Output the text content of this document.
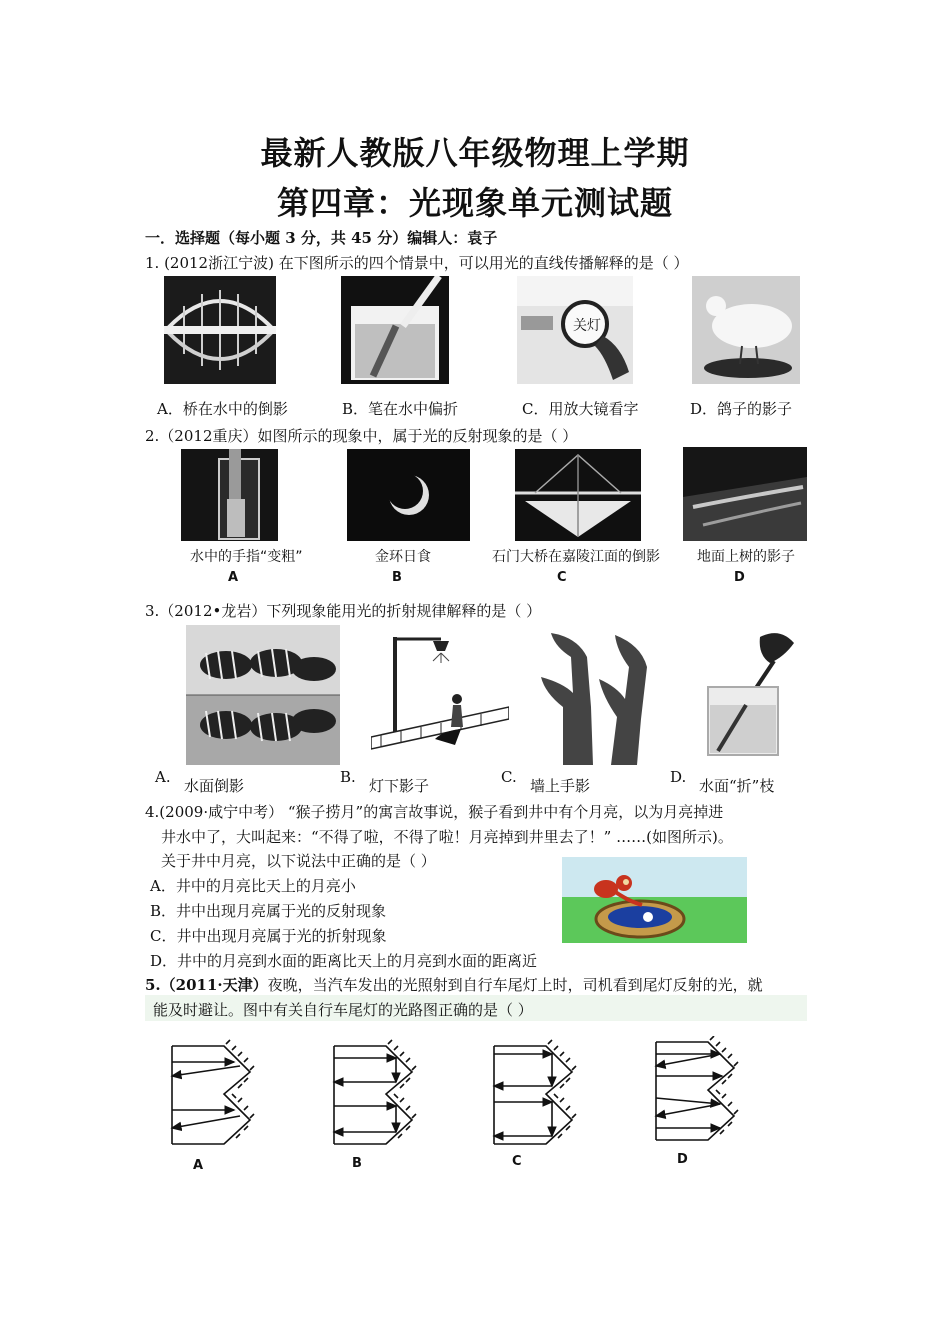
最新人教版八年级物理上学期
第四章：光现象单元测试题
一．选择题（每小题 3 分，共 45 分）编辑人：袁子
1. (2012浙江宁波) 在下图所示的四个情景中，可以用光的直线传播解释的是（ ）
关灯
A．桥在水中的倒影	B．笔在水中偏折	C．用放大镜看字	D．鸽子的影子
2.（2012重庆）如图所示的现象中，属于光的反射现象的是（ ）
水中的手指“变粗”	金环日食	石门大桥在嘉陵江面的倒影	地面上树的影子
A	B	C	D
3.（2012•龙岩）下列现象能用光的折射规律解释的是（ ）
A. 水面倒影	B. 灯下影子	C. 墙上手影	D. 水面“折”枝
4.(2009·咸宁中考） “猴子捞月”的寓言故事说，猴子看到井中有个月亮，以为月亮掉进
井水中了，大叫起来：“不得了啦，不得了啦！月亮掉到井里去了！” ……(如图所示)。
关于井中月亮，以下说法中正确的是（ ）
A．井中的月亮比天上的月亮小
B．井中出现月亮属于光的反射现象
C．井中出现月亮属于光的折射现象
D．井中的月亮到水面的距离比天上的月亮到水面的距离近
5.（2011·天津）夜晚，当汽车发出的光照射到自行车尾灯上时，司机看到尾灯反射的光，就
能及时避让。图中有关自行车尾灯的光路图正确的是（ ）
A	B	C	D
